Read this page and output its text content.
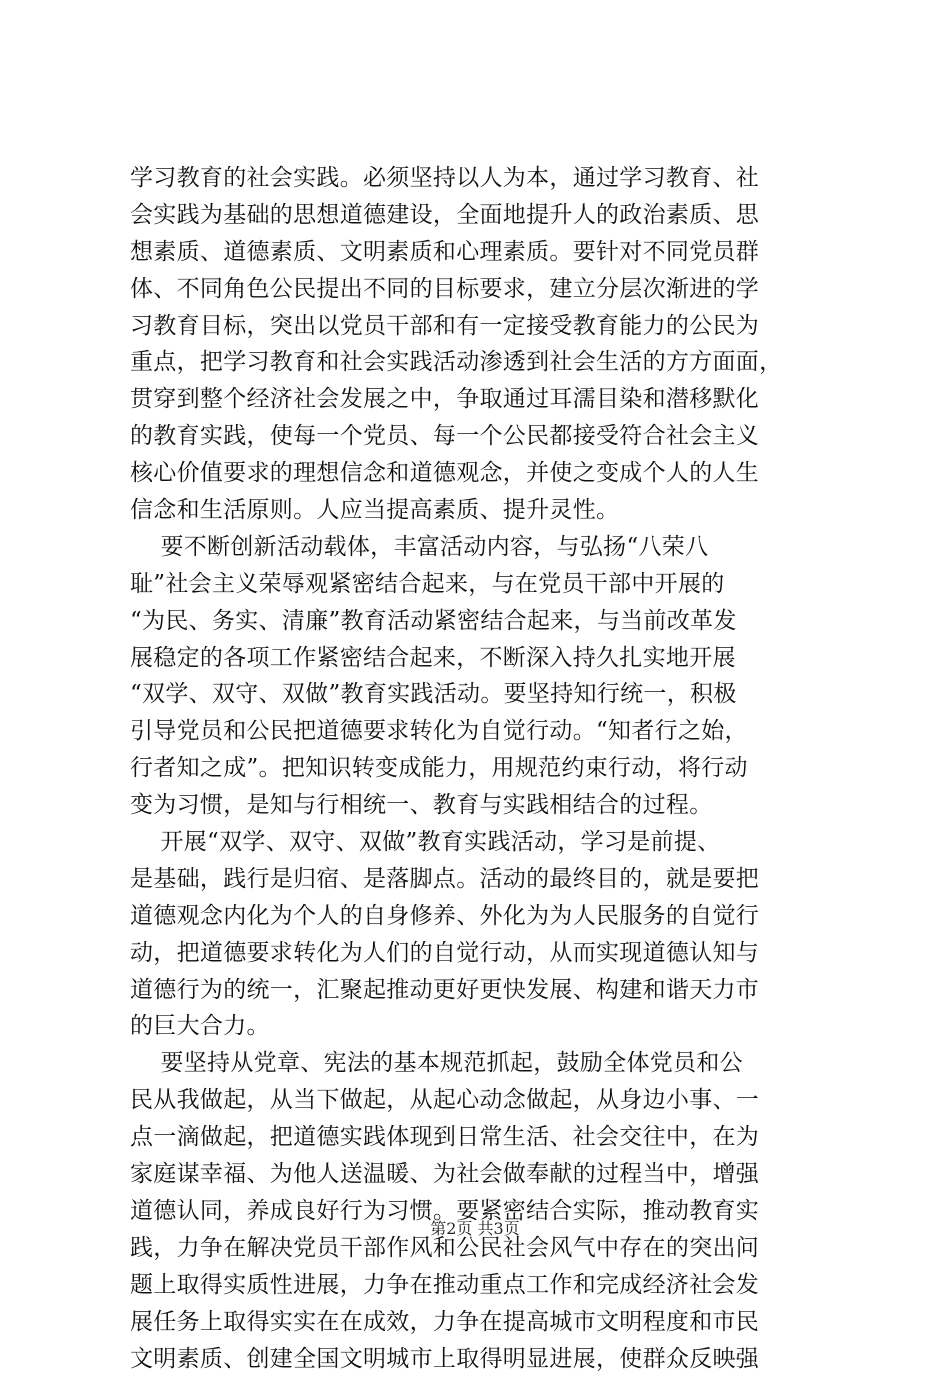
学习教育的社会实践。必须坚持以人为本，通过学习教育、社
会实践为基础的思想道德建设，全面地提升人的政治素质、思
想素质、道德素质、文明素质和心理素质。要针对不同党员群
体、不同角色公民提出不同的目标要求，建立分层次渐进的学
习教育目标，突出以党员干部和有一定接受教育能力的公民为
重点，把学习教育和社会实践活动渗透到社会生活的方方面面，
贯穿到整个经济社会发展之中，争取通过耳濡目染和潜移默化
的教育实践，使每一个党员、每一个公民都接受符合社会主义
核心价值要求的理想信念和道德观念，并使之变成个人的人生
信念和生活原则。人应当提高素质、提升灵性。
要不断创新活动载体，丰富活动内容，与弘扬“八荣八
耻”社会主义荣辱观紧密结合起来，与在党员干部中开展的
“为民、务实、清廉”教育活动紧密结合起来，与当前改革发
展稳定的各项工作紧密结合起来，不断深入持久扎实地开展
“双学、双守、双做”教育实践活动。要坚持知行统一，积极
引导党员和公民把道德要求转化为自觉行动。“知者行之始，
行者知之成”。把知识转变成能力，用规范约束行动，将行动
变为习惯，是知与行相统一、教育与实践相结合的过程。
开展“双学、双守、双做”教育实践活动，学习是前提、
是基础，践行是归宿、是落脚点。活动的最终目的，就是要把
道德观念内化为个人的自身修养、外化为为人民服务的自觉行
动，把道德要求转化为人们的自觉行动，从而实现道德认知与
道德行为的统一，汇聚起推动更好更快发展、构建和谐天力市
的巨大合力。
要坚持从党章、宪法的基本规范抓起，鼓励全体党员和公
民从我做起，从当下做起，从起心动念做起，从身边小事、一
点一滴做起，把道德实践体现到日常生活、社会交往中，在为
家庭谋幸福、为他人送温暖、为社会做奉献的过程当中，增强
道德认同，养成良好行为习惯。要紧密结合实际，推动教育实
践，力争在解决党员干部作风和公民社会风气中存在的突出问
题上取得实质性进展，力争在推动重点工作和完成经济社会发
展任务上取得实实在在成效，力争在提高城市文明程度和市民
文明素质、创建全国文明城市上取得明显进展，使群众反映强
第2页 共3页
